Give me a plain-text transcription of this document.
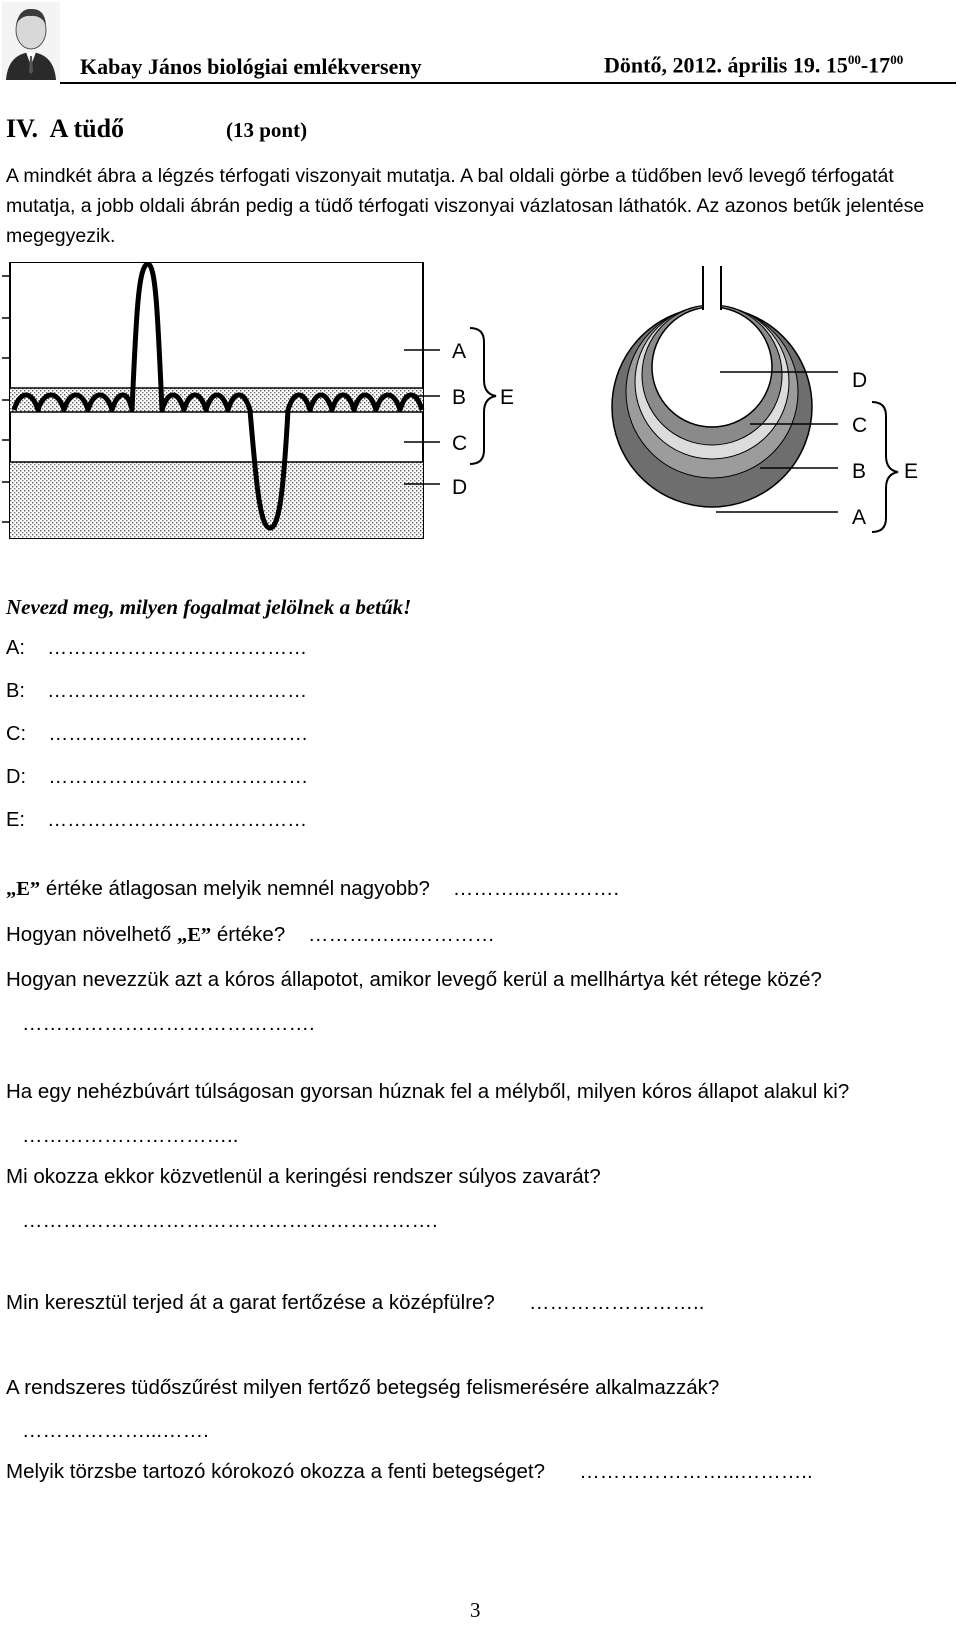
Kabay János biológiai emlékverseny	Döntő, 2012. április 19. $15^{00}-17^{00}$
IV.  A tüdő	(13 pont)
A mindkét ábra a légzés térfogati viszonyait mutatja. A bal oldali görbe a tüdőben levő levegő térfogatát mutatja, a jobb oldali ábrán pedig a tüdő térfogati viszonyai vázlatosan láthatók. Az azonos betűk jelentése megegyezik.
A
B
C
D
E
D
C
B
A
E
Nevezd meg, milyen fogalmat jelölnek a betűk!
A: …………………………………
B: …………………………………
C: …………………………………
D: …………………………………
E: …………………………………
„E” értéke átlagosan melyik nemnél nagyobb? ………...………….
Hogyan növelhető „E” értéke? ……….…...…………
Hogyan nevezzük azt a kóros állapotot, amikor levegő kerül a mellhártya két rétege közé?
…………………………………….
Ha egy nehézbúvárt túlságosan gyorsan húznak fel a mélyből, milyen kóros állapot alakul ki?
…………………………..
Mi okozza ekkor közvetlenül a keringési rendszer súlyos zavarát?
…………………………………………………….
Min keresztül terjed át a garat fertőzése a középfülre? ……………………..
A rendszeres tüdőszűrést milyen fertőző betegség felismerésére alkalmazzák?
………………...…….
Melyik törzsbe tartozó kórokozó okozza a fenti betegséget? …………………...………..
3
